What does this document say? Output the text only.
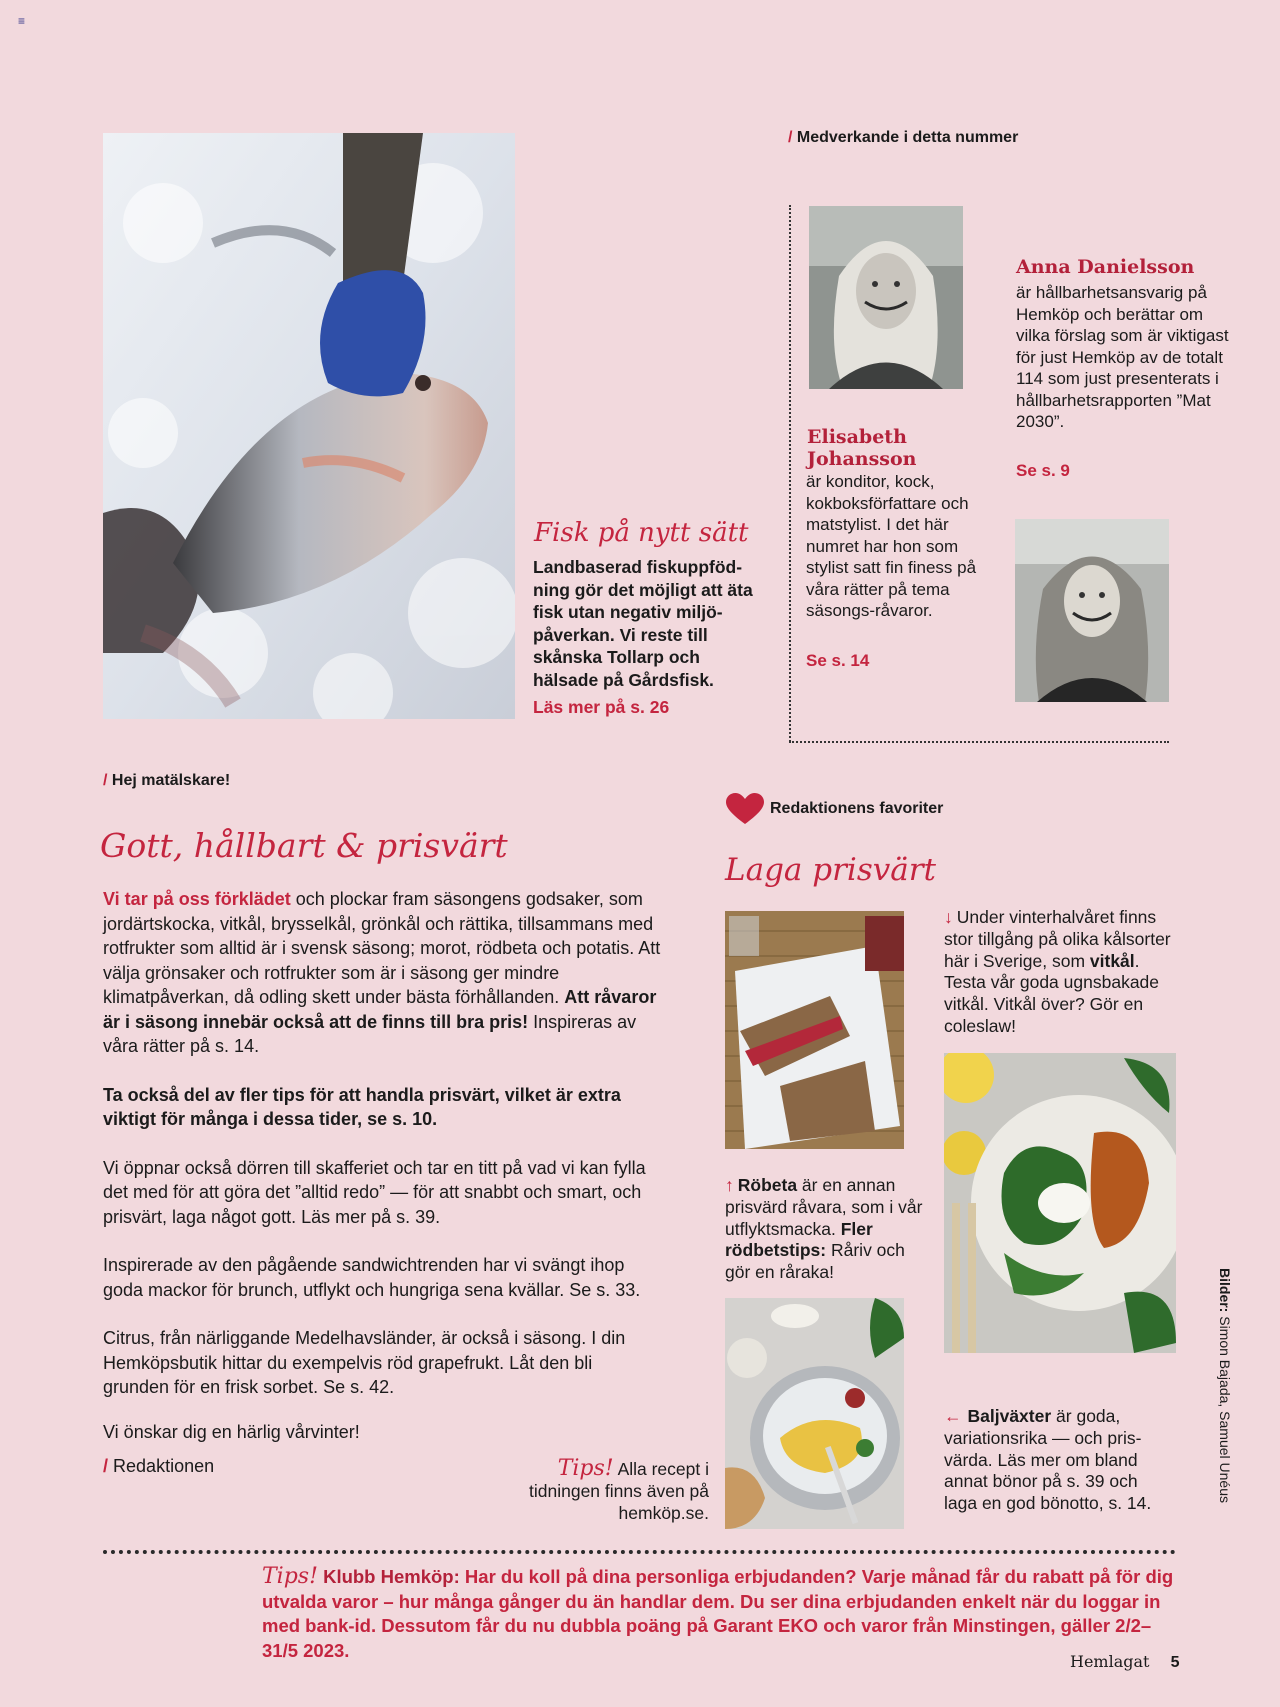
≡
Fisk på nytt sätt

Landbaserad fiskuppföd-ning gör det möjligt att äta fisk utan negativ miljö-påverkan. Vi reste till skånska Tollarp och hälsade på Gårdsfisk.

Läs mer på s. 26
/ Medverkande i detta nummer
Elisabeth Johansson

är konditor, kock, kokboksförfattare och matstylist. I det här numret har hon som stylist satt fin finess på våra rätter på tema säsongs-råvaror.

Se s. 14
Anna Danielsson

är hållbarhetsansvarig på Hemköp och berättar om vilka förslag som är viktigast för just Hemköp av de totalt 114 som just presenterats i hållbarhetsrapporten ”Mat 2030”.

Se s. 9
/ Hej matälskare!
Gott, hållbart & prisvärt

Vi tar på oss förklädet och plockar fram säsongens godsaker, som jordärtskocka, vitkål, brysselkål, grönkål och rättika, tillsammans med rotfrukter som alltid är i svensk säsong; morot, rödbeta och potatis. Att välja grönsaker och rotfrukter som är i säsong ger mindre klimatpåverkan, då odling skett under bästa förhållanden. Att råvaror är i säsong innebär också att de finns till bra pris! Inspireras av våra rätter på s. 14.

Ta också del av fler tips för att handla prisvärt, vilket är extra viktigt för många i dessa tider, se s. 10.

Vi öppnar också dörren till skafferiet och tar en titt på vad vi kan fylla det med för att göra det ”alltid redo” — för att snabbt och smart, och prisvärt, laga något gott. Läs mer på s. 39.

Inspirerade av den pågående sandwichtrenden har vi svängt ihop goda mackor för brunch, utflykt och hungriga sena kvällar. Se s. 33.

Citrus, från närliggande Medelhavsländer, är också i säsong. I din Hemköpsbutik hittar du exempelvis röd grapefrukt. Låt den bli grunden för en frisk sorbet. Se s. 42.

Vi önskar dig en härlig vårvinter!

/ Redaktionen	Tips! Alla recept i tidningen finns även på hemköp.se.
Redaktionens favoriter
Laga prisvärt

↓ Under vinterhalvåret finns stor tillgång på olika kålsorter här i Sverige, som vitkål. Testa vår goda ugnsbakade vitkål. Vitkål över? Gör en coleslaw!

↑ Röbeta är en annan prisvärd råvara, som i vår utflyktsmacka. Fler rödbetstips: Råriv och gör en råraka!

← Baljväxter är goda, variationsrika — och pris-värda. Läs mer om bland annat bönor på s. 39 och laga en god bönotto, s. 14.

Bilder: Simon Bajada, Samuel Unéus

Tips! Klubb Hemköp: Har du koll på dina personliga erbjudanden? Varje månad får du rabatt på för dig utvalda varor – hur många gånger du än handlar dem. Du ser dina erbjudanden enkelt när du loggar in med bank-id. Dessutom får du nu dubbla poäng på Garant EKO och varor från Minstingen, gäller 2/2–31/5 2023.

Hemlagat 5
